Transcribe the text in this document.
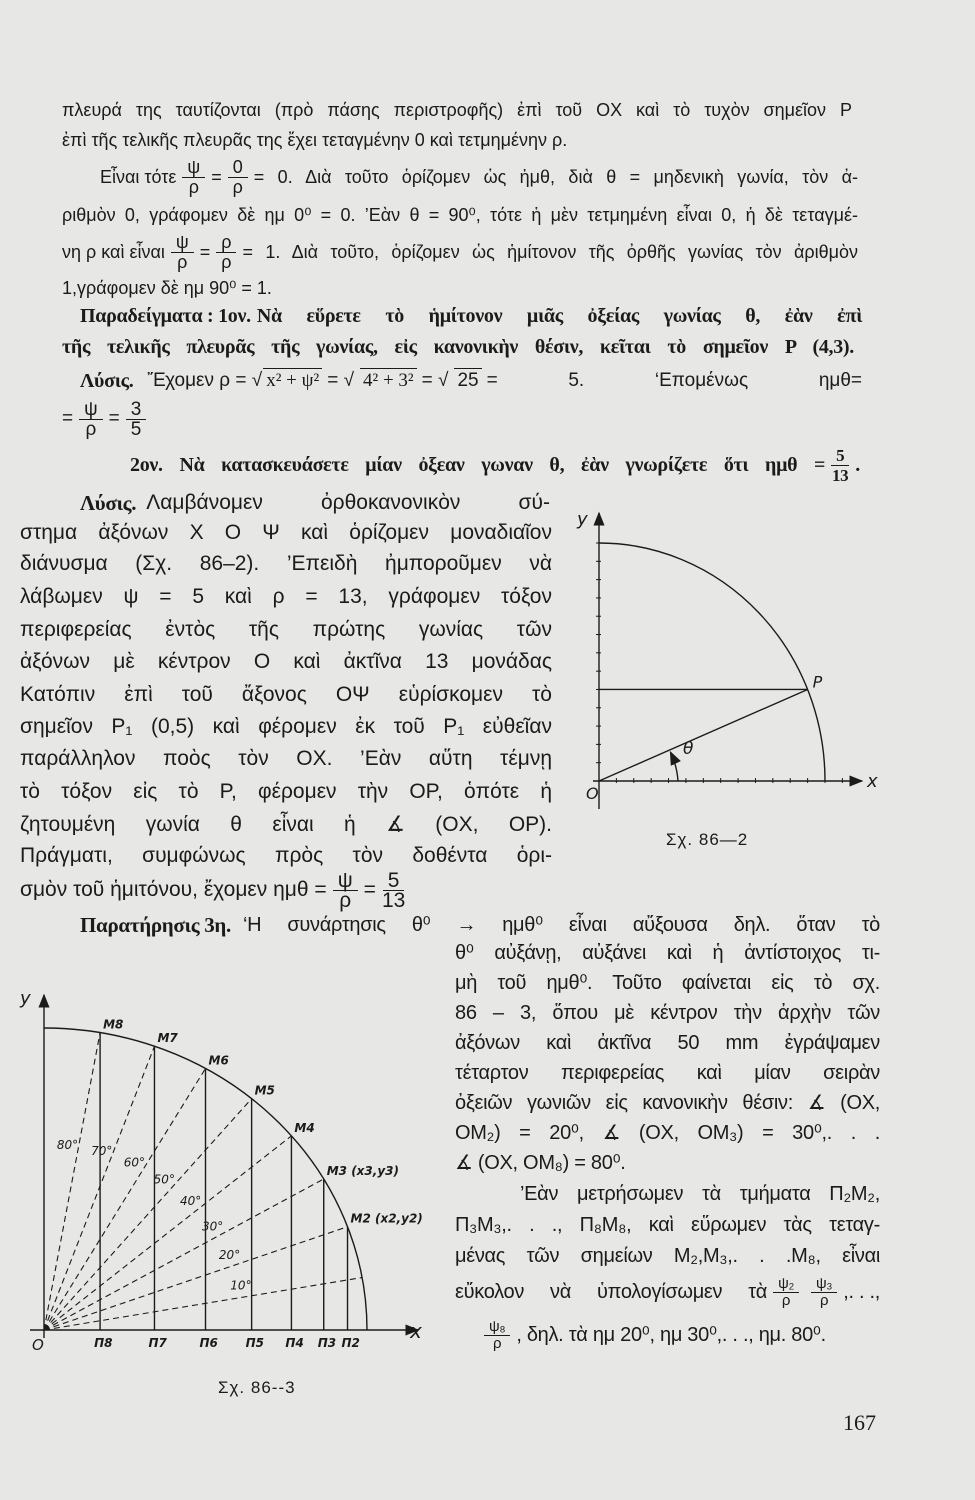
πλευρά της ταυτίζονται (πρὸ πάσης περιστροφῆς) ἐπὶ τοῦ ΟΧ καὶ τὸ τυχὸν σημεῖον Ρ
ἐπὶ τῆς τελικῆς πλευρᾶς της ἔχει τεταγμένην 0 καὶ τετμημένην ρ.
Εἶναι τότε $\frac{\psi}{\rho} = \frac{0}{\rho} = 0$. Διὰ τοῦτο ὁρίζομεν ὡς ἡμθ, διὰ θ = μηδενικὴ γωνία, τὸν ἀ-
ριθμὸν 0, γράφομεν δὲ ημ 0⁰ = 0. ’Εὰν θ = 90⁰, τότε ἡ μὲν τετμημένη εἶναι 0, ἡ δὲ τεταγμέ-
νη ρ καὶ εἶναι $\frac{\psi}{\rho} = \frac{\rho}{\rho} = 1$. Διὰ τοῦτο, ὁρίζομεν ὡς ἡμίτονον τῆς ὀρθῆς γωνίας τὸν ἀριθμὸν
1,γράφομεν δὲ ημ 90⁰ = 1.
Παραδείγματα : 1ον. Νὰ εὕρετε τὸ ἡμίτονον μιᾶς ὀξείας γωνίας θ, ἐὰν ἐπὶ
τῆς τελικῆς πλευρᾶς τῆς γωνίας, εἰς κανονικὴν θέσιν, κεῖται τὸ σημεῖον Ρ (4,3).
Λύσις. Ἔχομεν ρ = √ x² + ψ² = √ 4² + 3² = √ 25 = 5. ‘Επομένως ημθ=
= $\frac{\psi}{\rho} = \frac{3}{5}$
2ον. Νὰ κατασκευάσετε μίαν ὀξεαν γωναν θ, ἐὰν γνωρίζετε ὅτι $\eta\mu\theta = \frac{5}{13}$ .
Λύσις. Λαμβάνομεν ὀρθοκανονικὸν σύ-
στημα ἀξόνων Χ Ο Ψ καὶ ὁρίζομεν μοναδιαῖον
διάνυσμα (Σχ. 86–2). ’Επειδὴ ἠμποροῦμεν νὰ
λάβωμεν ψ = 5 καὶ ρ = 13, γράφομεν τόξον
περιφερείας ἐντὸς τῆς πρώτης γωνίας τῶν
ἀξόνων μὲ κέντρον Ο καὶ ἀκτῖνα 13 μονάδας
Κατόπιν ἐπὶ τοῦ ἄξονος ΟΨ εὑρίσκομεν τὸ
σημεῖον Ρ₁ (0,5) καὶ φέρομεν ἐκ τοῦ Ρ₁ εὐθεῖαν
παράλληλον ποὸς τὸν ΟΧ. ’Εὰν αὕτη τέμνῃ
τὸ τόξον εἰς τὸ Ρ, φέρομεν τὴν ΟΡ, ὁπότε ἡ
ζητουμένη γωνία θ εἶναι ἡ ∡ (ΟΧ, ΟΡ).
Πράγματι, συμφώνως πρὸς τὸν δοθέντα ὁρι-
σμὸν τοῦ ἡμιτόνου, ἔχομεν $\eta\mu\theta = \frac{\psi}{\rho} = \frac{5}{13}$
Παρατήρησις 3η. ‘Η συνάρτησις θ⁰ → ημθ⁰ εἶναι αὔξουσα δηλ. ὅταν τὸ
θ⁰ αὐξάνῃ, αὐξάνει καὶ ἡ ἀντίστοιχος τι-
μὴ τοῦ ημθ⁰. Τοῦτο φαίνεται εἰς τὸ σχ.
86 – 3, ὅπου μὲ κέντρον τὴν ἀρχὴν τῶν
ἀξόνων καὶ ἀκτῖνα 50 mm ἐγράψαμεν
τέταρτον περιφερείας καὶ μίαν σειρὰν
ὀξειῶν γωνιῶν εἰς κανονικὴν θέσιν: ∡ (ΟΧ,
ΟΜ₂) = 20⁰, ∡ (ΟΧ, ΟΜ₃) = 30⁰,. . .
∡ (ΟΧ, ΟΜ₈) = 80⁰.
’Εὰν μετρήσωμεν τὰ τμήματα Π₂Μ₂,
Π₃Μ₃,. . ., Π₈Μ₈, καὶ εὕρωμεν τὰς τεταγ-
μένας τῶν σημείων Μ₂,Μ₃,. . .Μ₈, εἶναι
εὔκολον νὰ ὑπολογίσωμεν τὰ $\frac{\text{ψ₂}}{\rho} \frac{\text{ψ₃}}{\rho}$ ,. . .,
$\frac{\text{ψ₈}}{\rho}$ , δηλ. τὰ ημ 20⁰, ημ 30⁰,. . ., ημ. 80⁰.
P
θ
y
x
O
y
x
O
10°
20°
M2 (x2,y2)
Π2
30°
M3 (x3,y3)
Π3
40°
M4
Π4
50°
M5
Π5
60°
M6
Π6
70°
M7
Π7
80°
M8
Π8
Σχ. 86—2
Σχ. 86--3
167
